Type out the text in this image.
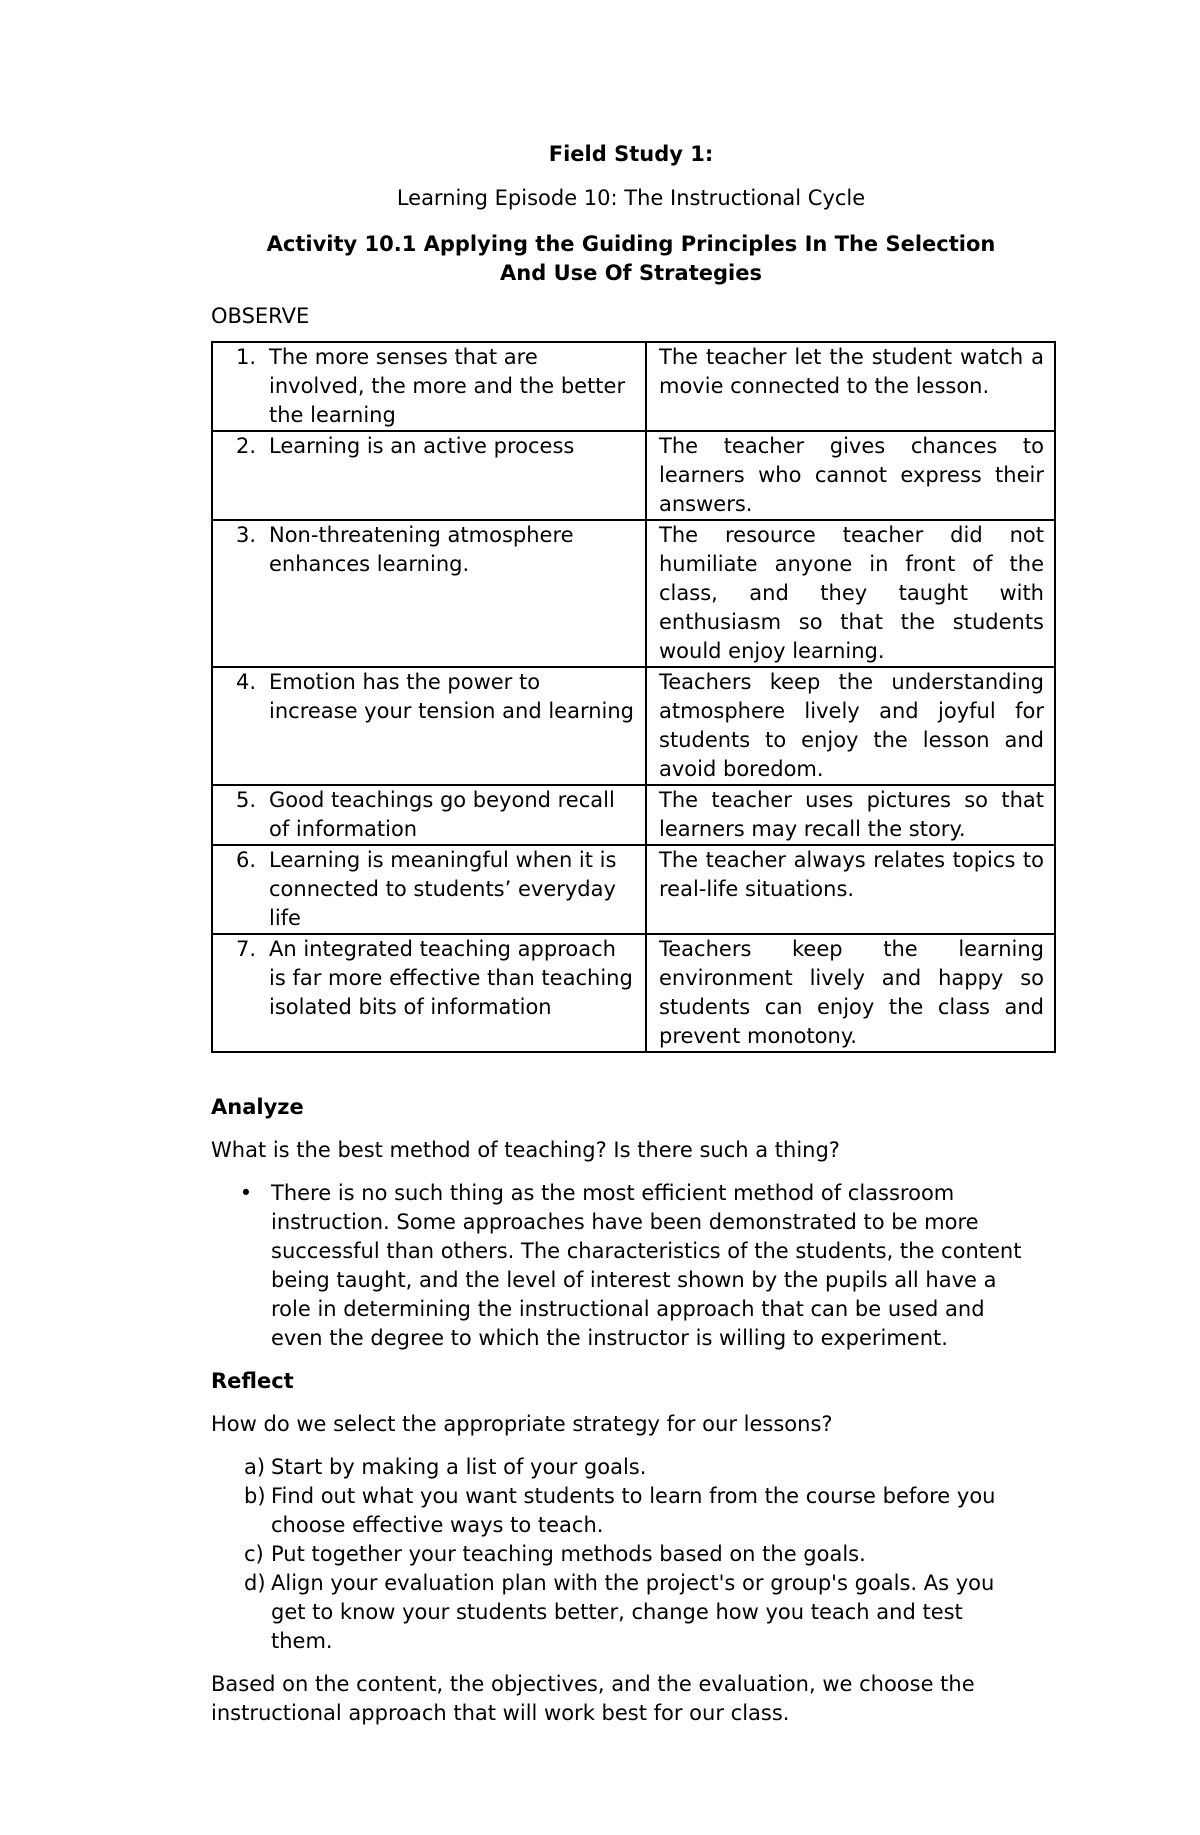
Field Study 1:

Learning Episode 10: The Instructional Cycle

Activity 10.1 Applying the Guiding Principles In The Selection And Use Of Strategies

OBSERVE

1. The more senses that are involved, the more and the better the learning	The teacher let the student watch a movie connected to the lesson.

2. Learning is an active process	The teacher gives chances to learners who cannot express their answers.

3. Non-threatening atmosphere enhances learning.	The resource teacher did not humiliate anyone in front of the class, and they taught with enthusiasm so that the students would enjoy learning.

4. Emotion has the power to increase your tension and learning	Teachers keep the understanding atmosphere lively and joyful for students to enjoy the lesson and avoid boredom.

5. Good teachings go beyond recall of information	The teacher uses pictures so that learners may recall the story.

6. Learning is meaningful when it is connected to students’ everyday life	The teacher always relates topics to real-life situations.

7. An integrated teaching approach is far more effective than teaching isolated bits of information	Teachers keep the learning environment lively and happy so students can enjoy the class and prevent monotony.

Analyze

What is the best method of teaching? Is there such a thing?

• There is no such thing as the most efficient method of classroom instruction. Some approaches have been demonstrated to be more successful than others. The characteristics of the students, the content being taught, and the level of interest shown by the pupils all have a role in determining the instructional approach that can be used and even the degree to which the instructor is willing to experiment.

Reflect

How do we select the appropriate strategy for our lessons?

a) Start by making a list of your goals.
b) Find out what you want students to learn from the course before you choose effective ways to teach.
c) Put together your teaching methods based on the goals.
d) Align your evaluation plan with the project's or group's goals. As you get to know your students better, change how you teach and test them.

Based on the content, the objectives, and the evaluation, we choose the instructional approach that will work best for our class.
